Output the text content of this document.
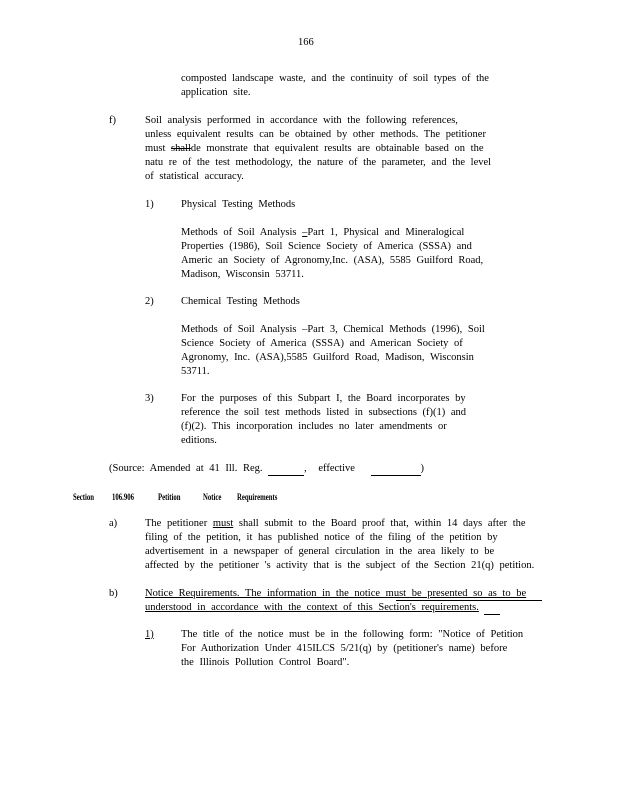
166
composted landscape waste, and the continuity of soil types of the
application site.
f)	Soil analysis performed in accordance with the following references,
unless equivalent results can be obtained by other methods. The petitioner
must shallde monstrate that equivalent results are obtainable based on the
natu re of the test methodology, the nature of the parameter, and the level
of statistical accuracy.
1)	Physical Testing Methods
Methods of Soil Analysis –Part 1, Physical and Mineralogical
Properties (1986), Soil Science Society of America (SSSA) and
Americ an Society of Agronomy,Inc. (ASA), 5585 Guilford Road,
Madison, Wisconsin 53711.
2)	Chemical Testing Methods
Methods of Soil Analysis –Part 3, Chemical Methods (1996), Soil
Science Society of America (SSSA) and American Society of
Agronomy, Inc. (ASA),5585 Guilford Road, Madison, Wisconsin
53711.
3)	For the purposes of this Subpart I, the Board incorporates by
reference the soil test methods listed in subsections (f)(1) and
(f)(2). This incorporation includes no later amendments or
editions.
(Source: Amended at 41 Ill. Reg.	, effective	)
Section 106.906	Petition	Notice Requirements
a)	The petitioner must shall submit to the Board proof that, within 14 days after the
filing of the petition, it has published notice of the filing of the petition by
advertisement in a newspaper of general circulation in the area likely to be
affected by the petitioner 's activity that is the subject of the Section 21(q) petition.
b)	Notice Requirements. The information in the notice must be presented so as to be
understood in accordance with the context of this Section's requirements.
1)	The title of the notice must be in the following form: "Notice of Petition
For Authorization Under 415ILCS 5/21(q) by (petitioner's name) before
the Illinois Pollution Control Board".
